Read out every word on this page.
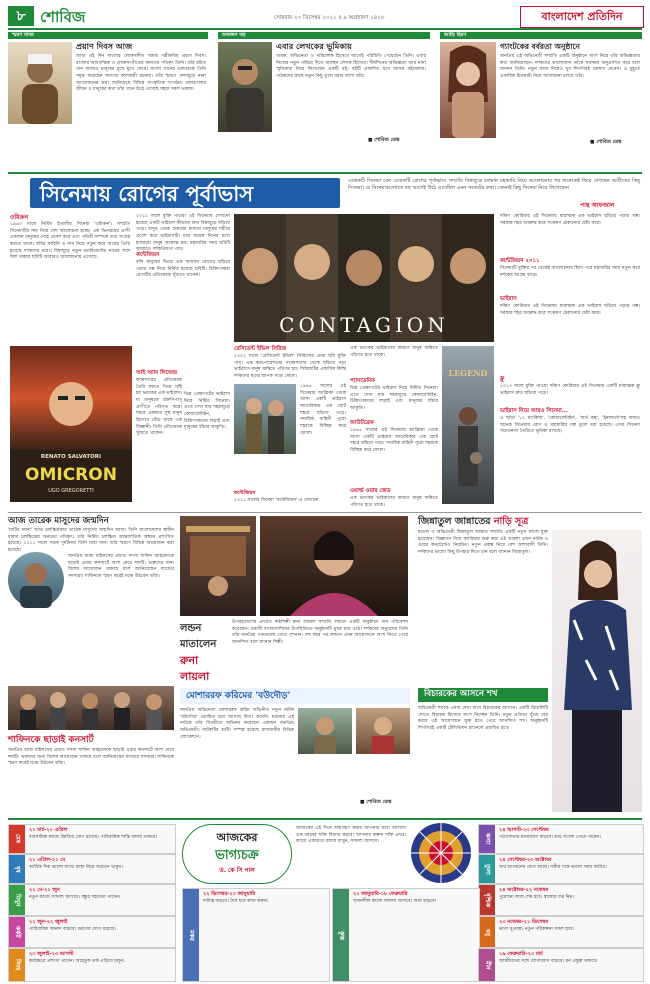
৮ শোবিজ	সোমবার ২৩ ডিসেম্বর ২০২১ ॥ ৯ অগ্রহায়ণ ১৪২৮	বাংলাদেশ প্রতিদিন
স্মরণ বাবর
প্রয়াণ দিবস আজ
আজ এই দিন বাংলার লোকসঙ্গীত সাধক পল্লীকবির প্রয়াণ দিবস। বাংলার আধ্যাত্মিক ও লোকসংগীতের অন্যতম পথিকৃৎ তিনি। তাঁর রচিত গান আজও মানুষের মুখে মুখে ফেরে। বাংলা গানের ভান্ডারকে তিনি সমৃদ্ধ করেছেন অসংখ্য কালজয়ী রচনায়। তাঁর স্মরণে দেশজুড়ে নানা আয়োজনের কথা জানিয়েছে বিভিন্ন সাংস্কৃতিক সংগঠন। গ্রামবাংলার জীবন ও মানুষের কথা তাঁর গানে উঠে এসেছে সহজ সরল ভাষায়।
শুভজন বড়
এবার লেখকের ভূমিকায়
গায়ক, অভিনেতা ও পরিচালক হিসেবে আগেই পরিচিতি পেয়েছেন তিনি। এবার নিজের নতুন পরিচয় দিতে যাচ্ছেন লেখক হিসেবে। দীর্ঘদিনের অভিজ্ঞতা আর নানা স্মৃতিকথা নিয়ে লিখেছেন একটি বই। বইটি প্রকাশিত হবে আসন্ন বইমেলায়। পাঠকদের কাছে নতুন কিছু তুলে ধরার আশা তাঁর।
■ শোবিজ ডেস্ক
আড়ি হিরণ
গ্যাংটকের বর্বরতা অনুষ্ঠানে
জনপ্রিয় এই অভিনেত্রী সম্প্রতি একটি অনুষ্ঠানে অংশ নিয়ে তাঁর অভিজ্ঞতার কথা জানিয়েছেন। দর্শকদের ভালোবাসা তাঁকে সবসময় অনুপ্রাণিত করে বলে জানান তিনি। নতুন কাজ নিয়েও খুব শিগগিরই ঘোষণা দেবেন। এ মুহূর্তে একাধিক চিত্রনাট্য নিয়ে আলোচনা চলছে তাঁর।
■ শোবিজ ডেস্ক
সিনেমায় রোগের পূর্বাভাস
একেকটি সিনেমা যেন একেকটি রোগের পূর্বাভাস। সম্প্রতি বিশ্বজুড়ে চলমান মহামারি নিয়ে আলোচনার পর অনেকেই ফিরে দেখছেন অতীতের কিছু সিনেমা। যে সিনেমাগুলোতে বহু আগেই উঠে এসেছিল এমন সংকটের কথা। তেমনই কিছু সিনেমা নিয়ে লিখেছেন।
পান্থ আফজাল
ওমিক্রন
১৯৬৩ সালে নির্মিত ইতালীয় সিনেমা 'ওমিক্রন'। সম্প্রতি সিনেমাটির নাম নিয়ে বেশ আলোচনা হচ্ছে। এক ভিনগ্রহের প্রাণী একজন মানুষের দেহে প্রবেশ করে এবং পৃথিবী সম্পর্কে তথ্য সংগ্রহ করতে থাকে। ছবির কাহিনি ও নাম নিয়ে নতুন করে আগ্রহ তৈরি হয়েছে দর্শকদের মধ্যে। বিশ্বজুড়ে নতুন ভ্যারিয়েন্টের নামের সঙ্গে মিল থাকায় ছবিটি আবারও আলোচনায় এসেছে।
RENATO SALVATORI
OMICRON
UGO GREGORETTI
২০১১ সালে মুক্তি পাওয়া এই সিনেমায় দেখানো হয়েছে একটি ভাইরাস কীভাবে দ্রুত বিশ্বজুড়ে ছড়িয়ে পড়ে। বাদুড় থেকে শুকরের মাধ্যমে মানুষের শরীরে প্রবেশ করে ভাইরাসটি। মাত্র কয়েক দিনের মধ্যে হাজারো মানুষ আক্রান্ত হয়। মহামারির সময় ছবিটি আবারও দর্শকপ্রিয়তা পায়।
কন্টেজিয়ন
বন্দি মানুষের ভিড়ে এক অজানা রোগের ছড়িয়ে পড়ার গল্প নিয়ে নির্মিত হয়েছে ছবিটি। চিকিৎসকরা রোগটির প্রতিষেধক খুঁজতে থাকেন।
আই অ্যাম লিজেন্ড
ক্যানসারের প্রতিষেধক তৈরি করতে গিয়ে সৃষ্টি হয় ভয়ংকর এক ভাইরাস। যা মানুষকে রক্তপিপাসু প্রাণীতে পরিণত করে। শহরে একমাত্র সুস্থ মানুষ হিসেবে বেঁচে থাকে এক বিজ্ঞানী। তিনি প্রতিষেধক খুঁজতে থাকেন।
ভিন্ন প্রেক্ষাপটের ভাইরাস নিয়ে নির্মিত সিনেমা। এতে দেখা যায় শহরজুড়ে কোয়ারেন্টাইন, চিকিৎসকদের লড়াই এবং মানুষের বাঁচার আকুতি।
CONTAGION
রেসিডেন্ট ইভিল সিরিজ
২০০২ সালে 'রেসিডেন্ট ইভিল' সিরিজের প্রথম ছবি মুক্তি পায়। এক করপোরেশনের গবেষণাগার থেকে ছড়িয়ে পড়া ভাইরাসে মানুষ জম্বিতে পরিণত হয়। সিরিজটির একাধিক কিস্তি দর্শকদের মাঝে ব্যাপক সাড়া ফেলে।
১৯৯৫ সালের এই সিনেমায় আফ্রিকা থেকে আসা একটি ভাইরাস আমেরিকার এক ছোট শহরে ছড়িয়ে পড়ে। সামরিক বাহিনী পুরো শহরকে বিচ্ছিন্ন করে ফেলে।
কন্টেজিয়ন
২০১১ সালের সিনেমা 'কন্টেজিয়ন'-এ দেখানো
এক ভয়ংকর ভাইরাসের কারণে মানুষ জম্বিতে পরিণত হতে থাকে।
প্যানডেমিক
ভিন্ন প্রেক্ষাপটের ভাইরাস নিয়ে নির্মিত সিনেমা। এতে দেখা যায় শহরজুড়ে কোয়ারেন্টাইন, চিকিৎসকদের লড়াই এবং মানুষের বাঁচার আকুতি।
আউটব্রেক
১৯৯৫ সালের এই সিনেমায় আফ্রিকা থেকে আসা একটি ভাইরাস আমেরিকার এক ছোট শহরে ছড়িয়ে পড়ে। সামরিক বাহিনী পুরো শহরকে বিচ্ছিন্ন করে ফেলে।
ওয়ার্ল্ড ওয়ার জেড
এক ভয়ংকর ভাইরাসের কারণে মানুষ জম্বিতে পরিণত হতে থাকে।
LEGEND
দক্ষিণ কোরিয়ার এই সিনেমায় মারাত্মক এক ভাইরাস ছড়িয়ে পড়ার গল্প। সরকার শহর অবরুদ্ধ করে সংক্রমণ ঠেকানোর চেষ্টা করে।
কন্টেজিয়ন ২০১১
সিনেমাটি মুক্তির পর থেকেই আলোচনায় ছিল। পরে মহামারির সময় নতুন করে দর্শকের আগ্রহ বাড়ে।
ভাইরাস
দক্ষিণ কোরিয়ার এই সিনেমায় মারাত্মক এক ভাইরাস ছড়িয়ে পড়ার গল্প। সরকার শহর অবরুদ্ধ করে সংক্রমণ ঠেকানোর চেষ্টা করে।
ফ্লু
২০১৩ সালে মুক্তি পাওয়া দক্ষিণ কোরিয়ার এই সিনেমায় একটি মারাত্মক ফ্লু ভাইরাস দ্রুত ছড়িয়ে পড়ে।
ভাইরাস নিয়ে আরও সিনেমা...
এ ছাড়া '১২ মাংকিজ', 'কোয়ারেন্টাইন', 'বার্ড বক্স', 'ইনফার্নো'সহ আরও অনেক সিনেমায় রোগ ও মহামারির গল্প তুলে ধরা হয়েছে। এসব সিনেমা সচেতনতা তৈরিতে ভূমিকা রাখছে।
আজ তারেক মাসুদের জন্মদিন
'মাটির ময়না' খ্যাত চলচ্চিত্রকার তারেক মাসুদের জন্মদিন আজ। তিনি বাংলাদেশের স্বাধীন ধারার চলচ্চিত্রের অন্যতম পথিকৃৎ। তাঁর নির্মিত চলচ্চিত্র আন্তর্জাতিক অঙ্গনে প্রশংসিত হয়েছে। ২০১১ সালে সড়ক দুর্ঘটনায় তিনি মারা যান। তাঁর স্মরণে বিভিন্ন আয়োজন করা হয়েছে।
জনপ্রিয় ব্যান্ড মাইলসের প্রয়াত সদস্য শাফিন আহমেদকে ছাড়াই এবার কনসার্টে অংশ নেবে দলটি। ভক্তদের জন্য বিশেষ আয়োজন থাকছে বলে জানিয়েছেন ব্যান্ডের সদস্যরা। শাফিনকে স্মরণ করেই মঞ্চে উঠবেন তাঁরা।
শাফিনকে ছাড়াই কনসার্ট
জনপ্রিয় ব্যান্ড মাইলসের প্রয়াত সদস্য শাফিন আহমেদকে ছাড়াই এবার কনসার্টে অংশ নেবে দলটি। ভক্তদের জন্য বিশেষ আয়োজন থাকছে বলে জানিয়েছেন ব্যান্ডের সদস্যরা। শাফিনকে স্মরণ করেই মঞ্চে উঠবেন তাঁরা।
লন্ডন
মাতালেন
রুনা
লায়লা
উপমহাদেশের প্রখ্যাত কণ্ঠশিল্পী রুনা লায়লা সম্প্রতি লন্ডনে একটি অনুষ্ঠানে গান পরিবেশন করেছেন। প্রবাসী বাংলাদেশিদের উপস্থিতিতে অনুষ্ঠানটি মুখর হয়ে ওঠে। দর্শকদের অনুরোধে তিনি তাঁর জনপ্রিয় গানগুলো গেয়ে শোনান। বহু বছর পর লন্ডনে এমন আয়োজনে অংশ নিতে পেরে আনন্দিত বলে জানান শিল্পী।
মোশাররফ করিমের 'বউদৌড়'
জনপ্রিয় অভিনেতা মোশাররফ করিম অভিনীত নতুন নাটক 'বউদৌড়' প্রচারিত হবে আসছে ঈদে। কমেডি ঘরানার এই নাটকে তাঁর বিপরীতে অভিনয় করেছেন একজন জনপ্রিয় অভিনেত্রী। নাটকটির শুটিং সম্পন্ন হয়েছে রাজধানীর বিভিন্ন লোকেশনে।
■ শোবিজ ডেস্ক
জিন্নাতুল জান্নাতের নাড়ি সূত্র
মডেল ও অভিনেত্রী জিন্নাতুল জান্নাত সম্প্রতি একটি নতুন কাজে যুক্ত হয়েছেন। বিজ্ঞাপন দিয়ে ক্যারিয়ার শুরু করা এই তারকা এখন নাটক ও ওয়েব কনটেন্টেও নিয়মিত। নতুন প্রকল্প নিয়ে বেশ আশাবাদী তিনি। দর্শকদের ভালো কিছু উপহার দিতে চান বলে জানান জিন্নাতুল।
বিচারকের আসনে শখ
অভিনেত্রী শখকে এবার দেখা যাবে বিচারকের আসনে। একটি রিয়েলিটি শোতে বিচারক হিসেবে অংশ নিচ্ছেন তিনি। নতুন প্রতিভা খুঁজে বের করার এই আয়োজনে যুক্ত হতে পেরে আনন্দিত শখ। অনুষ্ঠানটি শিগগিরই একটি টেলিভিশন চ্যানেলে প্রচারিত হবে।
আজকের
ভাগ্যচক্র
ড. কে সি পাল
আজকের এই দিনে জন্মগ্রহণ করায় আপনার মধ্যে আলাদা এক ধরনের শক্তি বিরাজ করবে। আপনার কল্পনা শক্তি প্রখর। কাজে একাগ্রতা বজায় রাখুন, সাফল্য আসবে।
মেষ
২১ মার্চ-২০ এপ্রিল
ব্যবসায়িক কাজে উন্নতির যোগ রয়েছে। পারিবারিক শান্তি বজায় থাকবে।
বৃষ
২১ এপ্রিল-২১ মে
আর্থিক দিক ভালো যাবে। স্বাস্থ্য নিয়ে সচেতন থাকুন।
মিথুন
২২ মে-২১ জুন
নতুন কাজে সাফল্য আসবে। বন্ধুর সহায়তা পাবেন।
কর্কট
২২ জুন-২২ জুলাই
পারিবারিক আনন্দ বাড়বে। ভ্রমণের যোগ রয়েছে।
সিংহ
২৩ জুলাই-২৩ আগস্ট
কর্মক্ষেত্রে প্রশংসা পাবেন। অহেতুক তর্ক এড়িয়ে চলুন।
কন্যা
২৪ আগস্ট-২৩ সেপ্টেম্বর
পড়াশোনায় মনোযোগ বাড়বে। শুভ সংবাদ পেতে পারেন।
তুলা
২৪ সেপ্টেম্বর-২৩ অক্টোবর
অর্থ আগমনের যোগ আছে। সঙ্গীর সঙ্গে ভালো সময় কাটবে।
বৃশ্চিক
২৪ অক্টোবর-২২ নভেম্বর
পুরোনো কাজ শেষ হবে। স্বাস্থ্যের যত্ন নিন।
ধনু
২৩ নভেম্বর-২১ ডিসেম্বর
ভাগ্য সুপ্রসন্ন। নতুন পরিকল্পনা সফল হবে।
মকর
২২ ডিসেম্বর-২০ জানুয়ারি
দায়িত্ব বাড়বে। ধৈর্য ধরে কাজ করুন।
কুম্ভ
২১ জানুয়ারি-১৮ ফেব্রুয়ারি
সৃজনশীল কাজে সাফল্য আসবে। আয় বাড়বে।
মীন
১৯ ফেব্রুয়ারি-২০ মার্চ
আত্মীয়দের সঙ্গে যোগাযোগ বাড়বে। মন প্রফুল্ল থাকবে।
